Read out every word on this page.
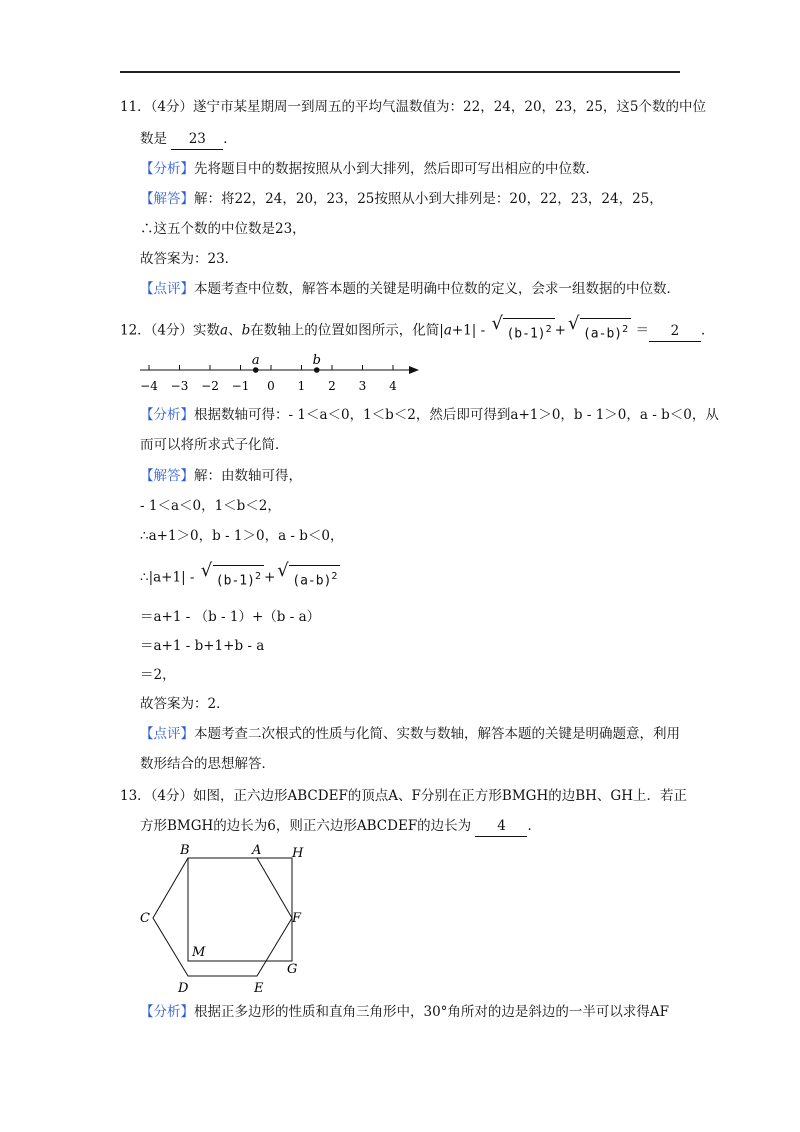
11．（4分）遂宁市某星期周一到周五的平均气温数值为：22，24，20，23，25，这5个数的中位
数是 23 ．
【分析】先将题目中的数据按照从小到大排列，然后即可写出相应的中位数．
【解答】解：将22，24，20，23，25按照从小到大排列是：20，22，23，24，25，
∴这五个数的中位数是23，
故答案为：23．
【点评】本题考查中位数，解答本题的关键是明确中位数的定义，会求一组数据的中位数．
12．（4分）实数a、b在数轴上的位置如图所示，化简|a+1| - √ $(b-1)^2$ + √ $(a-b)^2 = 2$ ．
−4 −3 −2 −1 0 1 2 3 4
a	b
【分析】根据数轴可得：- 1＜a＜0，1＜b＜2，然后即可得到a+1＞0，b - 1＞0，a - b＜0，从
而可以将所求式子化简．
【解答】解：由数轴可得，
- 1＜a＜0，1＜b＜2，
∴a+1＞0，b - 1＞0，a - b＜0，
∴|a+1| - √ $(b-1)^2$ + √ $(a-b)^2$
＝a+1 - （b - 1）+（b - a）
＝a+1 - b+1+b - a
＝2，
故答案为：2．
【点评】本题考查二次根式的性质与化简、实数与数轴，解答本题的关键是明确题意，利用
数形结合的思想解答．
13．（4分）如图，正六边形ABCDEF的顶点A、F分别在正方形BMGH的边BH、GH上．若正
方形BMGH的边长为6，则正六边形ABCDEF的边长为 4 ．
B	A H
C	F
M
G
D	E
【分析】根据正多边形的性质和直角三角形中，30°角所对的边是斜边的一半可以求得AF
